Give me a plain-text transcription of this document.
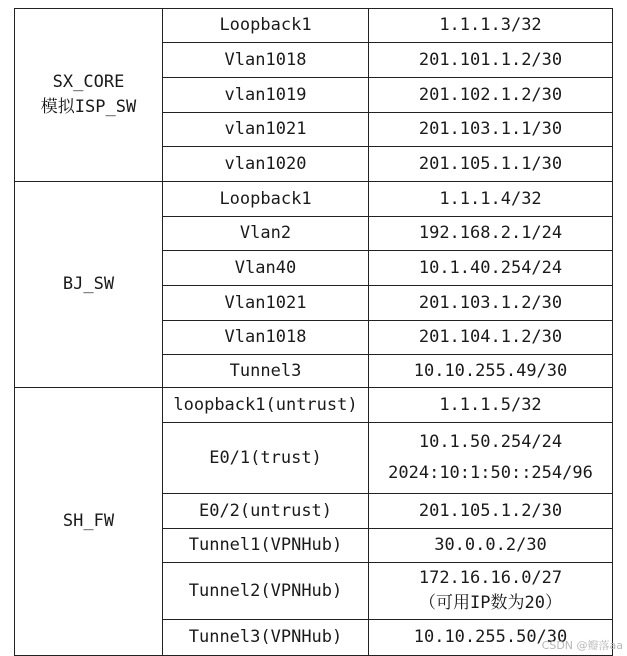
SX_CORE
模拟ISP_SW	Loopback1	1.1.1.3/32
	Vlan1018	201.101.1.2/30
	vlan1019	201.102.1.2/30
	vlan1021	201.103.1.1/30
	vlan1020	201.105.1.1/30

BJ_SW	Loopback1	1.1.1.4/32
	Vlan2	192.168.2.1/24
	Vlan40	10.1.40.254/24
	Vlan1021	201.103.1.2/30
	Vlan1018	201.104.1.2/30
	Tunnel3	10.10.255.49/30

SH_FW	loopback1(untrust)	1.1.1.5/32
	E0/1(trust)	10.1.50.254/24
2024:10:1:50::254/96

	E0/2(untrust)	201.105.1.2/30
	Tunnel1(VPNHub)	30.0.0.2/30
	Tunnel2(VPNHub)	172.16.16.0/27
（可用IP数为20）

	Tunnel3(VPNHub)	10.10.255.50/30
CSDN @瓣落aa
